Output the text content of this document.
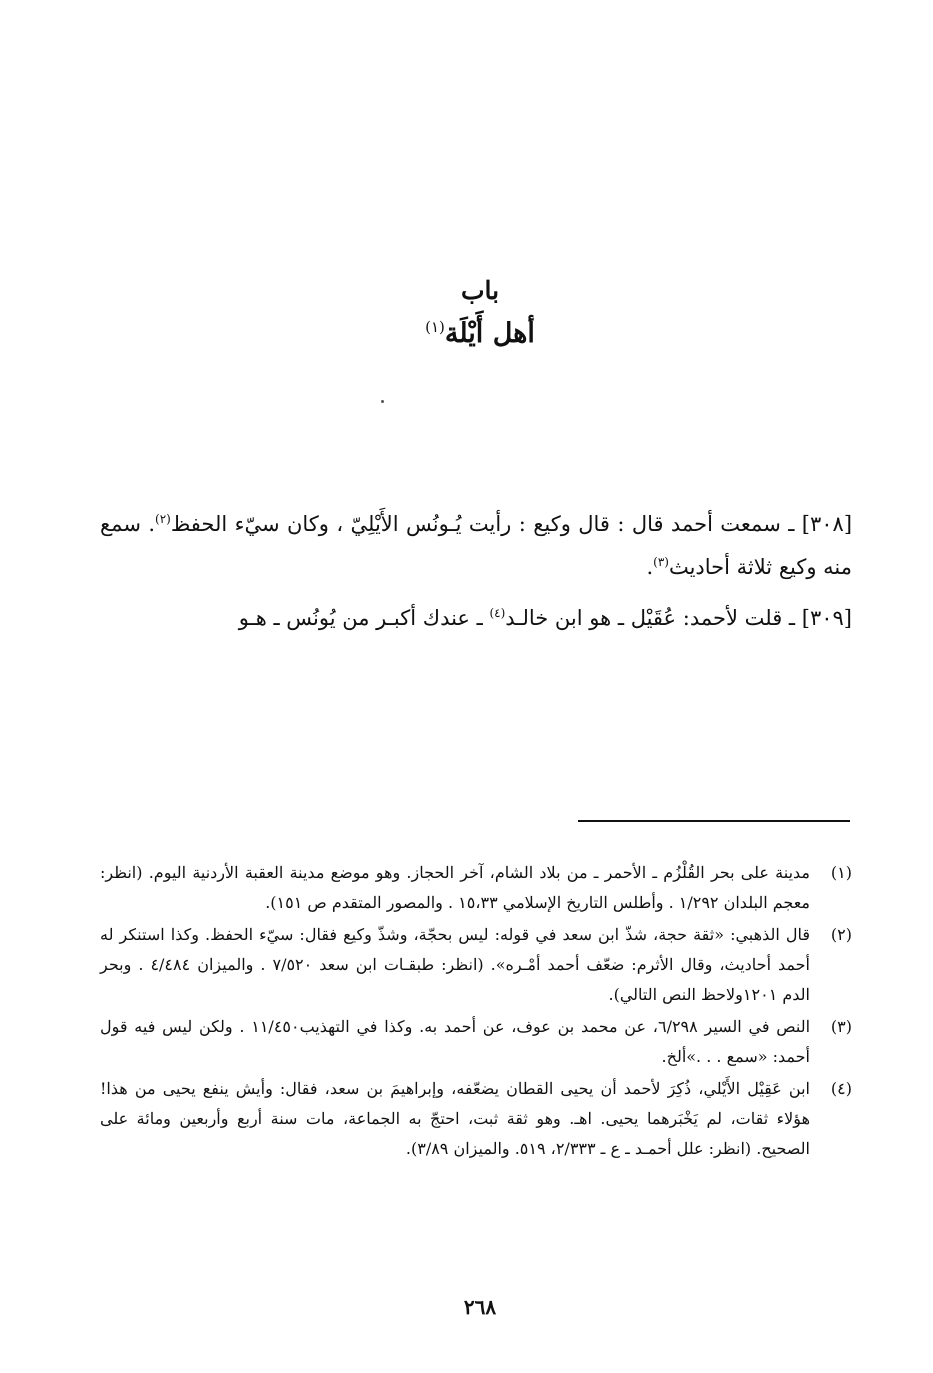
باب
أهل أَيْلَة$^{(١)}$

[٣٠٨] ـ سمعت أحمد قال : قال وكيع : رأيت يُـونُس الأَيْلِيّ ، وكان سيّء الحفظ$^{(٢)}$. سمع منه وكيع ثلاثة أحاديث$^{(٣)}$.

[٣٠٩] ـ قلت لأحمد: عُقَيْل ـ هو ابن خالـد$^{(٤)}$ ـ عندك أكبـر من يُونُس ـ هـو

(١)
مدينة على بحر القُلْزُم ـ الأحمر ـ من بلاد الشام، آخر الحجاز. وهو موضع مدينة العقبة الأردنية اليوم. (انظر: معجم البلدان ١/٢٩٢ . وأطلس التاريخ الإسلامي ١٥،٣٣ . والمصور المتقدم ص ١٥١).
(٢)
قال الذهبي: «ثقة حجة، شذّ ابن سعد في قوله: ليس بحجّة، وشذّ وكيع فقال: سيّء الحفظ. وكذا استنكر له أحمد أحاديث، وقال الأثرم: ضعّف أحمد أمْـره». (انظر: طبقـات ابن سعد ٧/٥٢٠ . والميزان ٤/٤٨٤ . وبحر الدم ١٢٠١ولاحظ النص التالي).
(٣)
النص في السير ٦/٢٩٨، عن محمد بن عوف، عن أحمد به. وكذا في التهذيب١١/٤٥٠ . ولكن ليس فيه قول أحمد: «سمع . . .»ألخ.
(٤)
ابن عَقِيْل الأَيْلي، ذُكِرَ لأحمد أن يحيى القطان يضعّفه، وإبراهيمَ بن سعد، فقال: وأيش ينفع يحيى من هذا! هؤلاء ثقات، لم يَخْبَرهما يحيى. اهـ. وهو ثقة ثبت، احتجّ به الجماعة، مات سنة أربع وأربعين ومائة على الصحيح. (انظر: علل أحمـد ـ ع ـ ٢/٣٣٣، ٥١٩. والميزان ٣/٨٩).
٢٦٨
